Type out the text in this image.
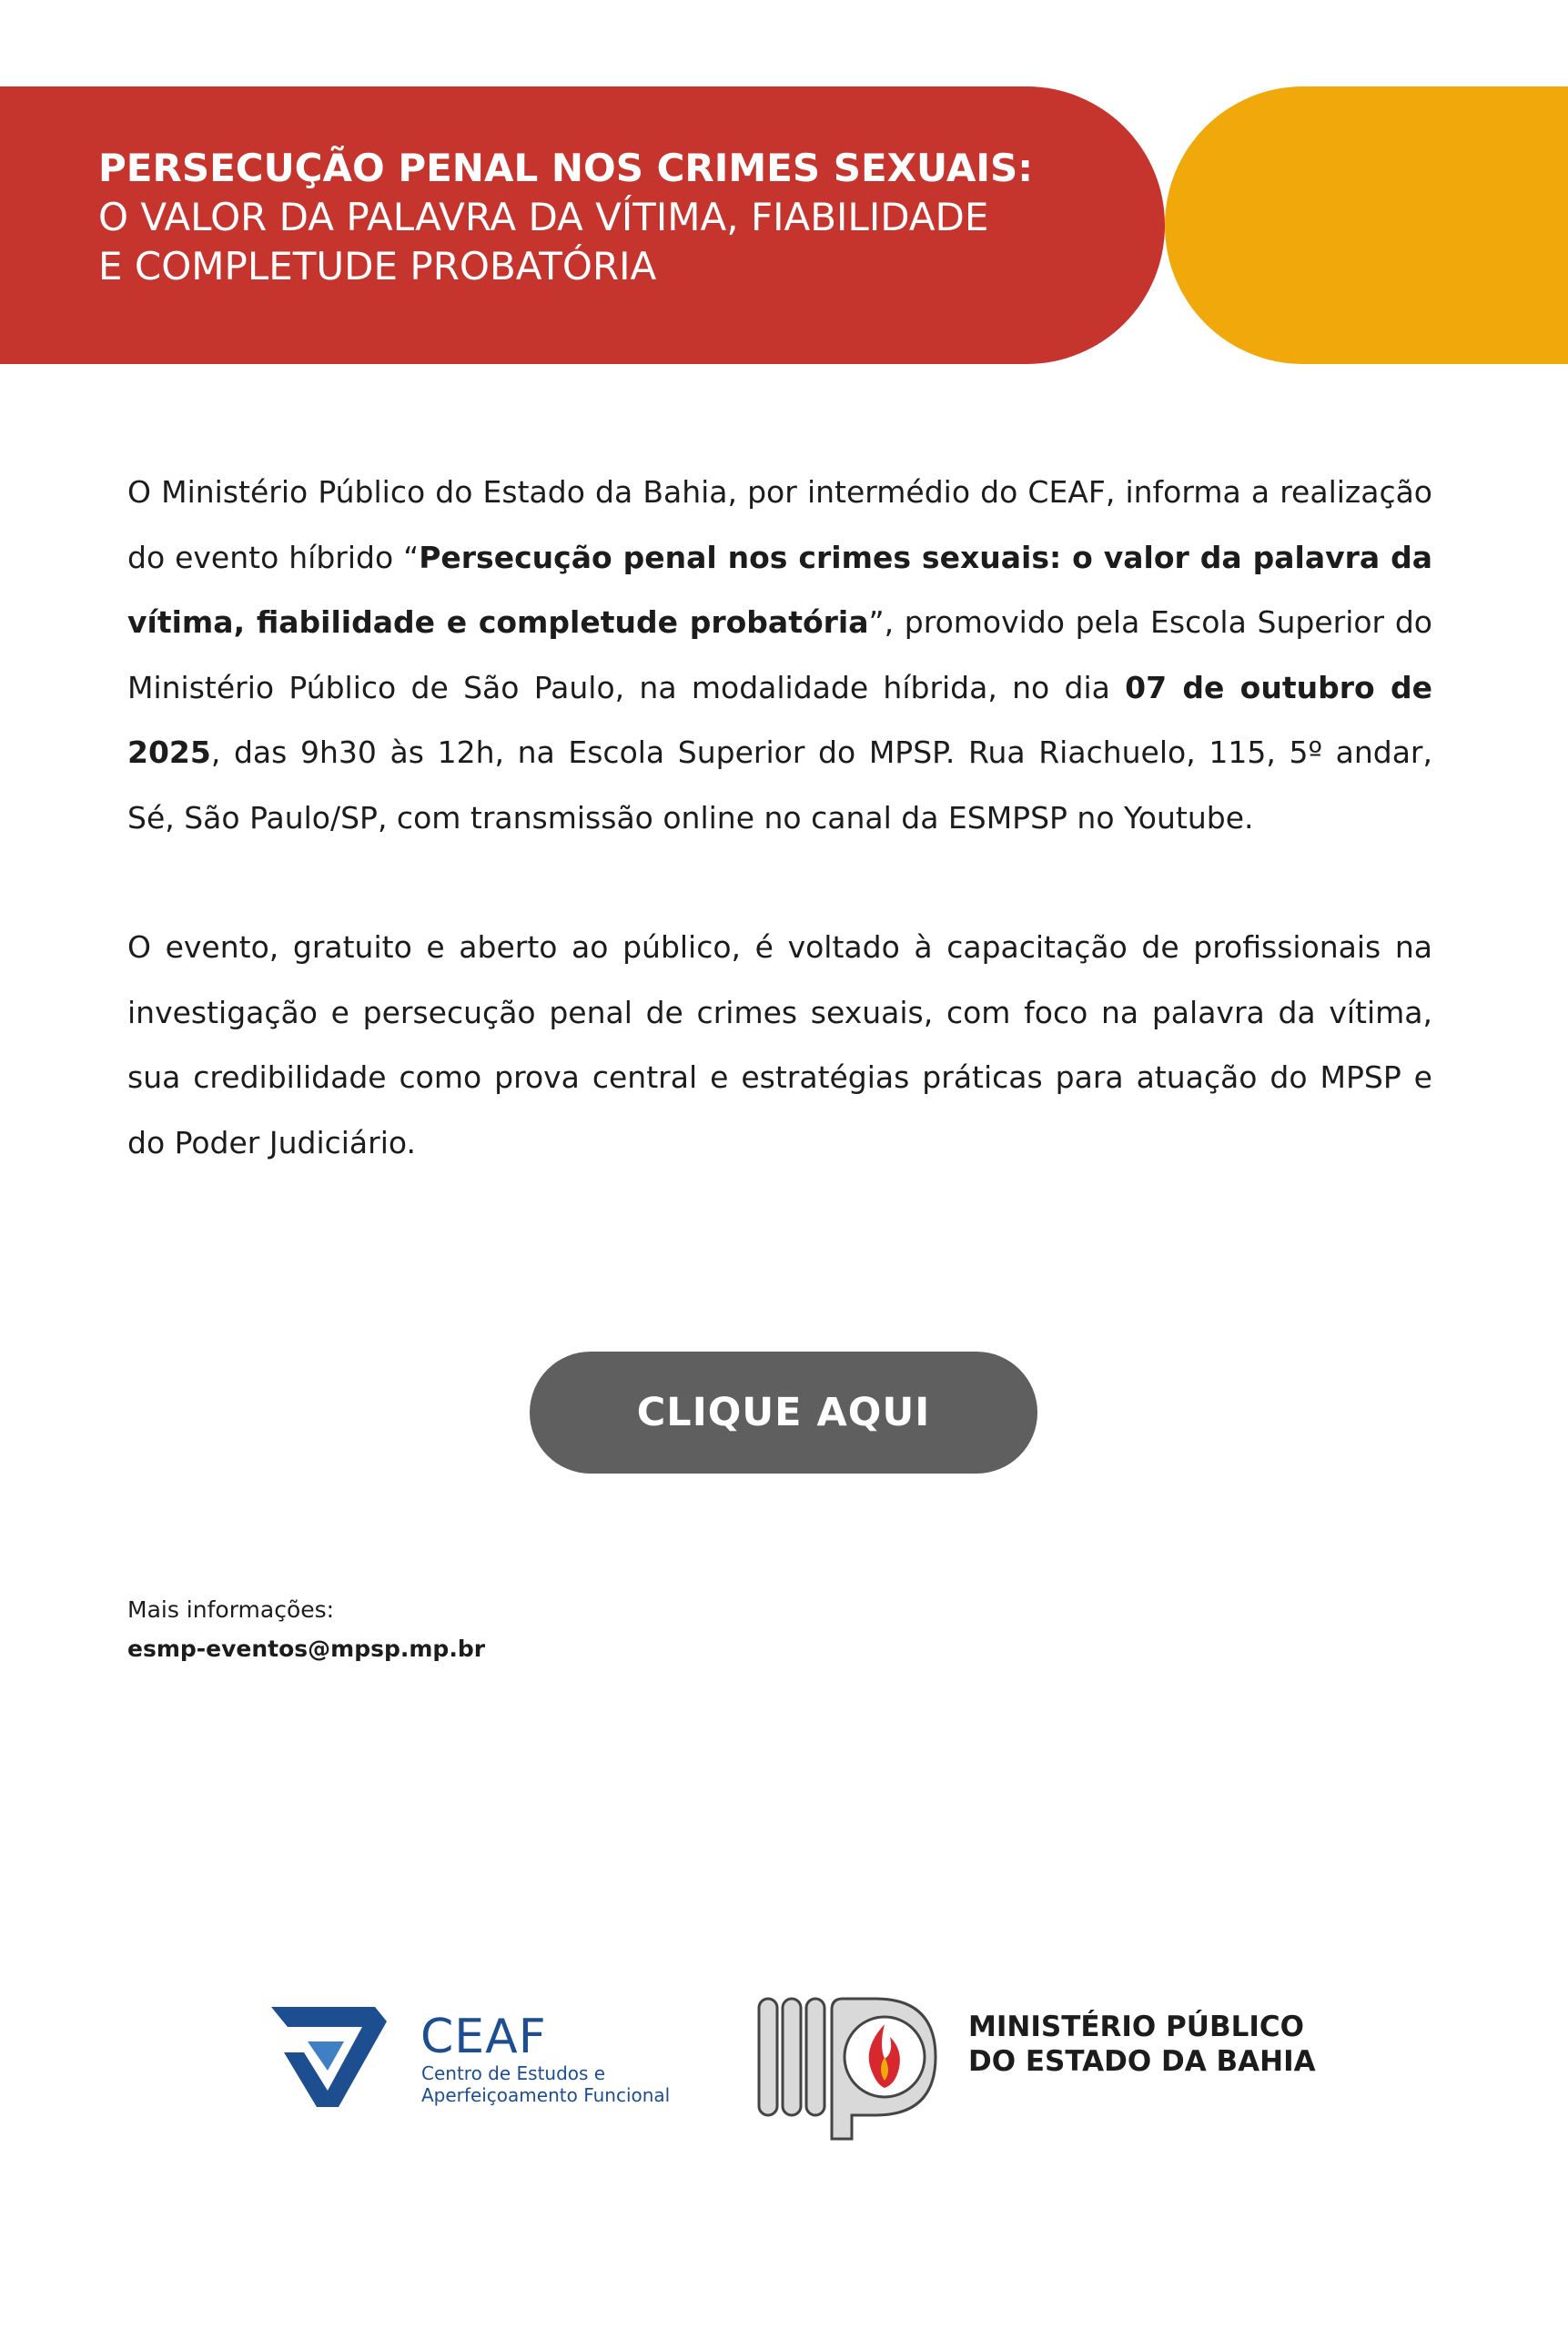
PERSECUÇÃO PENAL NOS CRIMES SEXUAIS:
O VALOR DA PALAVRA DA VÍTIMA, FIABILIDADE
E COMPLETUDE PROBATÓRIA
O Ministério Público do Estado da Bahia, por intermédio do CEAF, informa a realização do evento híbrido “Persecução penal nos crimes sexuais: o valor da palavra da vítima, fiabilidade e completude probatória”, promovido pela Escola Superior do Ministério Público de São Paulo, na modalidade híbrida, no dia 07 de outubro de 2025, das 9h30 às 12h, na Escola Superior do MPSP. Rua Riachuelo, 115, 5º andar, Sé, São Paulo/SP, com transmissão online no canal da ESMPSP no Youtube.
O evento, gratuito e aberto ao público, é voltado à capacitação de profissionais na investigação e persecução penal de crimes sexuais, com foco na palavra da vítima, sua credibilidade como prova central e estratégias práticas para atuação do MPSP e do Poder Judiciário.
CLIQUE AQUI
Mais informações:
esmp-eventos@mpsp.mp.br
CEAF
Centro de Estudos e
Aperfeiçoamento Funcional
MINISTÉRIO PÚBLICO
DO ESTADO DA BAHIA
